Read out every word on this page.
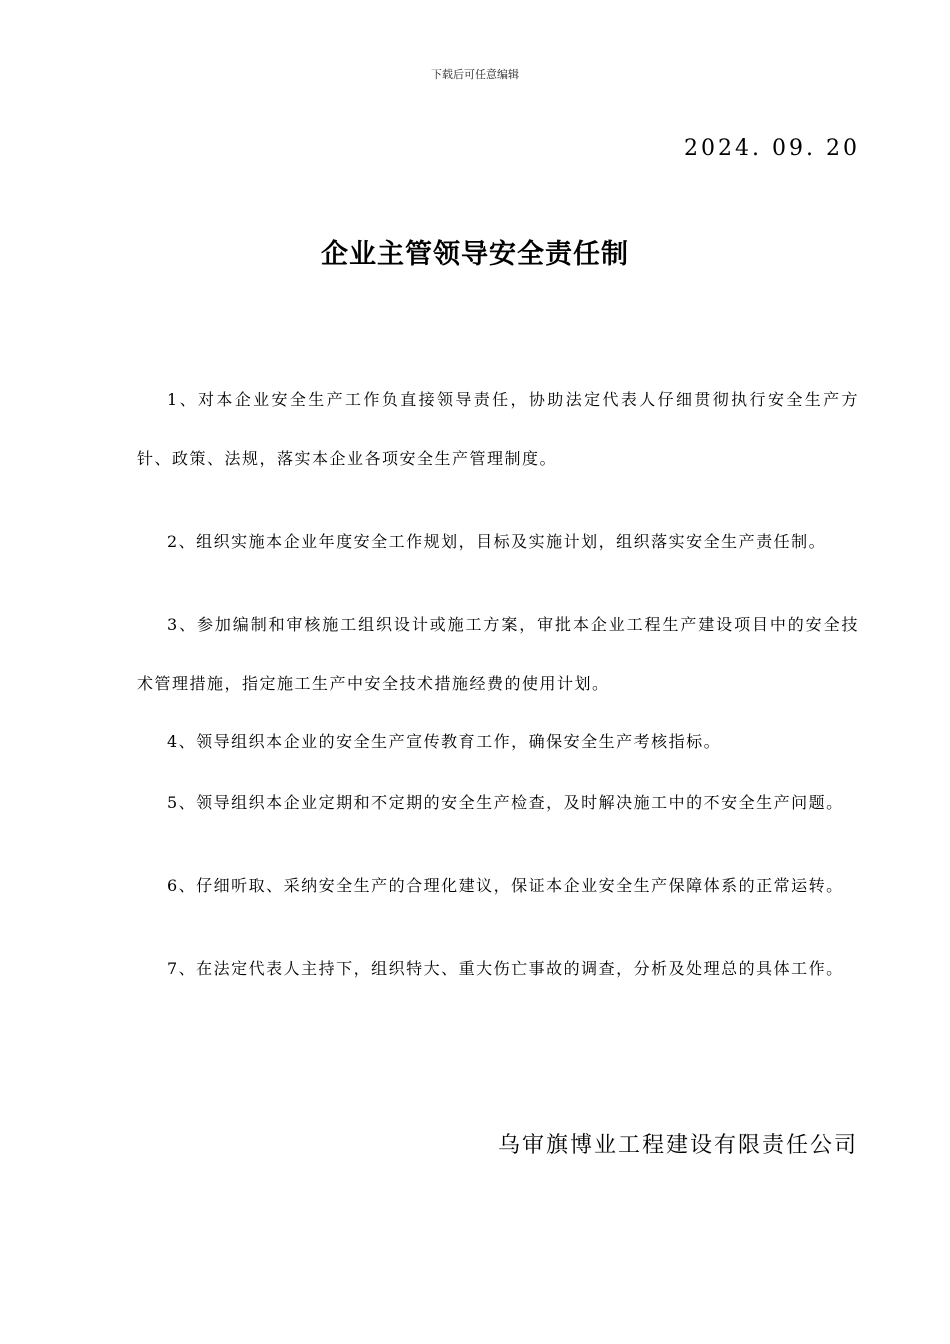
下载后可任意编辑
2024. 09. 20
企业主管领导安全责任制

1、对本企业安全生产工作负直接领导责任，协助法定代表人仔细贯彻执行安全生产方针、政策、法规，落实本企业各项安全生产管理制度。

2、组织实施本企业年度安全工作规划，目标及实施计划，组织落实安全生产责任制。

3、参加编制和审核施工组织设计或施工方案，审批本企业工程生产建设项目中的安全技术管理措施，指定施工生产中安全技术措施经费的使用计划。

4、领导组织本企业的安全生产宣传教育工作，确保安全生产考核指标。

5、领导组织本企业定期和不定期的安全生产检查，及时解决施工中的不安全生产问题。

6、仔细听取、采纳安全生产的合理化建议，保证本企业安全生产保障体系的正常运转。

7、在法定代表人主持下，组织特大、重大伤亡事故的调查，分析及处理总的具体工作。

乌审旗博业工程建设有限责任公司
